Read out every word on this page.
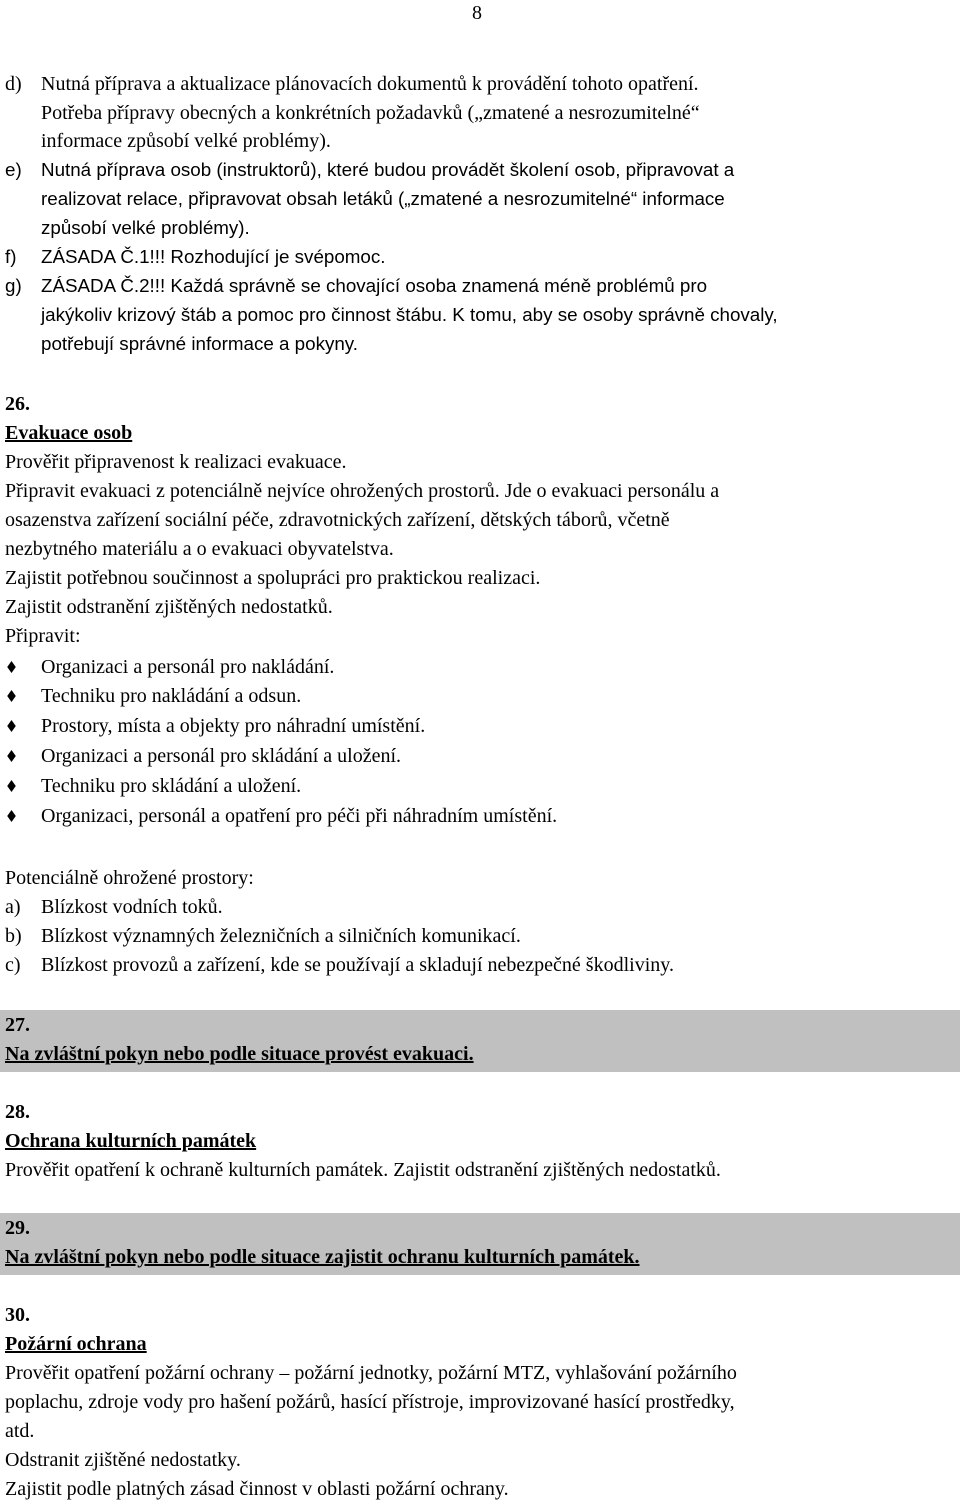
8
d) Nutná příprava a aktualizace plánovacích dokumentů k provádění tohoto opatření.
Potřeba přípravy obecných a konkrétních požadavků („zmatené a nesrozumitelné“
informace způsobí velké problémy).
e) Nutná příprava osob (instruktorů), které budou provádět školení osob, připravovat a
realizovat relace, připravovat obsah letáků („zmatené a nesrozumitelné“ informace
způsobí velké problémy).
f) ZÁSADA Č.1!!! Rozhodující je svépomoc.
g) ZÁSADA Č.2!!! Každá správně se chovající osoba znamená méně problémů pro
jakýkoliv krizový štáb a pomoc pro činnost štábu. K tomu, aby se osoby správně chovaly,
potřebují správné informace a pokyny.
26.
Evakuace osob
Prověřit připravenost k realizaci evakuace.
Připravit evakuaci z potenciálně nejvíce ohrožených prostorů. Jde o evakuaci personálu a
osazenstva zařízení sociální péče, zdravotnických zařízení, dětských táborů, včetně
nezbytného materiálu a o evakuaci obyvatelstva.
Zajistit potřebnou součinnost a spolupráci pro praktickou realizaci.
Zajistit odstranění zjištěných nedostatků.
Připravit:
Organizaci a personál pro nakládání.
Techniku pro nakládání a odsun.
Prostory, místa a objekty pro náhradní umístění.
Organizaci a personál pro skládání a uložení.
Techniku pro skládání a uložení.
Organizaci, personál a opatření pro péči při náhradním umístění.
Potenciálně ohrožené prostory:
a) Blízkost vodních toků.
b) Blízkost významných železničních a silničních komunikací.
c) Blízkost provozů a zařízení, kde se používají a skladují nebezpečné škodliviny.
27.
Na zvláštní pokyn nebo podle situace provést evakuaci.
28.
Ochrana kulturních památek
Prověřit opatření k ochraně kulturních památek. Zajistit odstranění zjištěných nedostatků.
29.
Na zvláštní pokyn nebo podle situace zajistit ochranu kulturních památek.
30.
Požární ochrana
Prověřit opatření požární ochrany – požární jednotky, požární MTZ, vyhlašování požárního
poplachu, zdroje vody pro hašení požárů, hasící přístroje, improvizované hasící prostředky,
atd.
Odstranit zjištěné nedostatky.
Zajistit podle platných zásad činnost v oblasti požární ochrany.
